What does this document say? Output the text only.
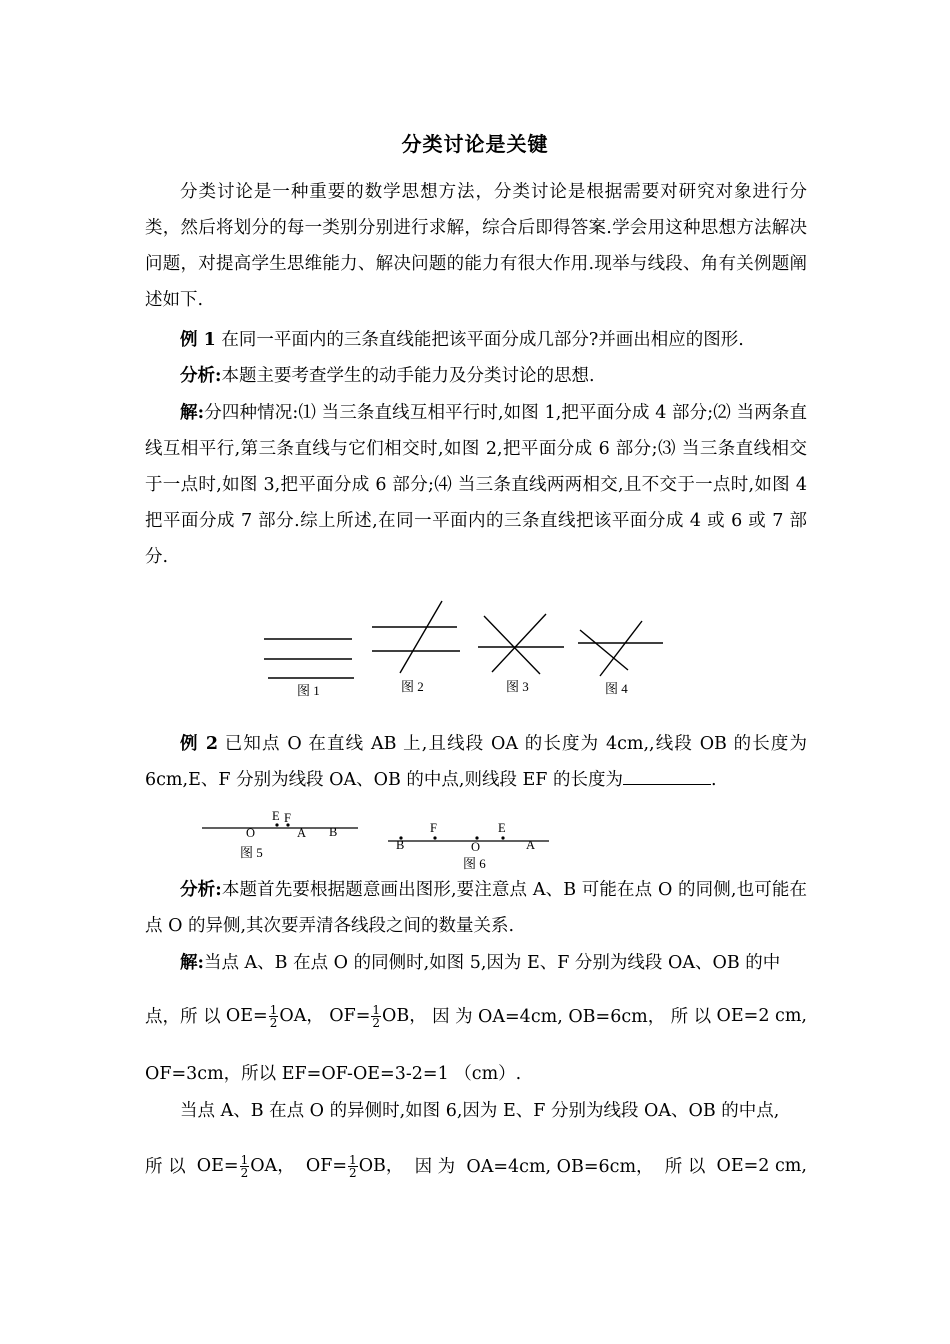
分类讨论是关键

分类讨论是一种重要的数学思想方法，分类讨论是根据需要对研究对象进行分类，然后将划分的每一类别分别进行求解，综合后即得答案.学会用这种思想方法解决问题，对提高学生思维能力、解决问题的能力有很大作用.现举与线段、角有关例题阐述如下.

例 1 在同一平面内的三条直线能把该平面分成几部分?并画出相应的图形.

分析:本题主要考查学生的动手能力及分类讨论的思想.

解:分四种情况:⑴ 当三条直线互相平行时,如图 1,把平面分成 4 部分;⑵ 当两条直线互相平行,第三条直线与它们相交时,如图 2,把平面分成 6 部分;⑶ 当三条直线相交于一点时,如图 3,把平面分成 6 部分;⑷ 当三条直线两两相交,且不交于一点时,如图 4 把平面分成 7 部分.综上所述,在同一平面内的三条直线把该平面分成 4 或 6 或 7 部分.

图 1	图 2	图 3	图 4

例 2 已知点 O 在直线 AB 上,且线段 OA 的长度为 4cm,,线段 OB 的长度为 6cm,E、F 分别为线段 OA、OB 的中点,则线段 EF 的长度为	.

O
E F
A B
图 5	B
F
O
E
A
图 6

分析:本题首先要根据题意画出图形,要注意点 A、B 可能在点 O 的同侧,也可能在点 O 的异侧,其次要弄清各线段之间的数量关系.

解:当点 A、B 在点 O 的同侧时,如图 5,因为 E、F 分别为线段 OA、OB 的中

点，所 以 $OE= \frac{1}{2}$ OA， $OF= \frac{1}{2}$ OB， 因 为 OA=4cm, OB=6cm， 所 以 OE=2 cm,

OF=3cm，所以 EF=OF-OE=3-2=1 （cm）.

当点 A、B 在点 O 的异侧时,如图 6,因为 E、F 分别为线段 OA、OB 的中点,

所 以 $OE= \frac{1}{2}$ OA， $OF= \frac{1}{2}$ OB， 因 为 OA=4cm, OB=6cm， 所 以 OE=2 cm,
